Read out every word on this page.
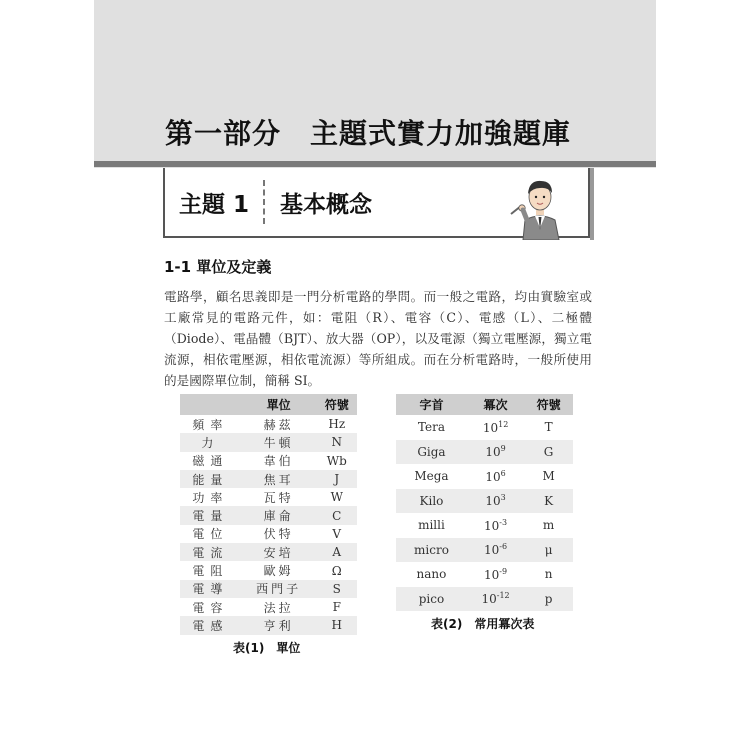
第一部分　主題式實力加強題庫
主題 1 基本概念
1-1 單位及定義
電路學，顧名思義即是一門分析電路的學問。而一般之電路，均由實驗室或工廠常見的電路元件，如：電阻（R）、電容（C）、電感（L）、二極體（Diode）、電晶體（BJT）、放大器（OP），以及電源（獨立電壓源，獨立電流源，相依電壓源，相依電流源）等所組成。而在分析電路時，一般所使用的是國際單位制，簡稱 SI。
	單位	符號
頻率	赫茲	Hz
力	牛頓	N
磁通	韋伯	Wb
能量	焦耳	J
功率	瓦特	W
電量	庫侖	C
電位	伏特	V
電流	安培	A
電阻	歐姆	Ω
電導	西門子	S
電容	法拉	F
電感	亨利	H
表(1)　單位
字首	冪次	符號
Tera	$10^{12}$	T
Giga	$10^9$	G
Mega	$10^6$	M
Kilo	$10^3$	K
milli	$10^{-3}$	m
micro	$10^{-6}$	μ
nano	$10^{-9}$	n
pico	$10^{-12}$	p
表(2)　常用冪次表
